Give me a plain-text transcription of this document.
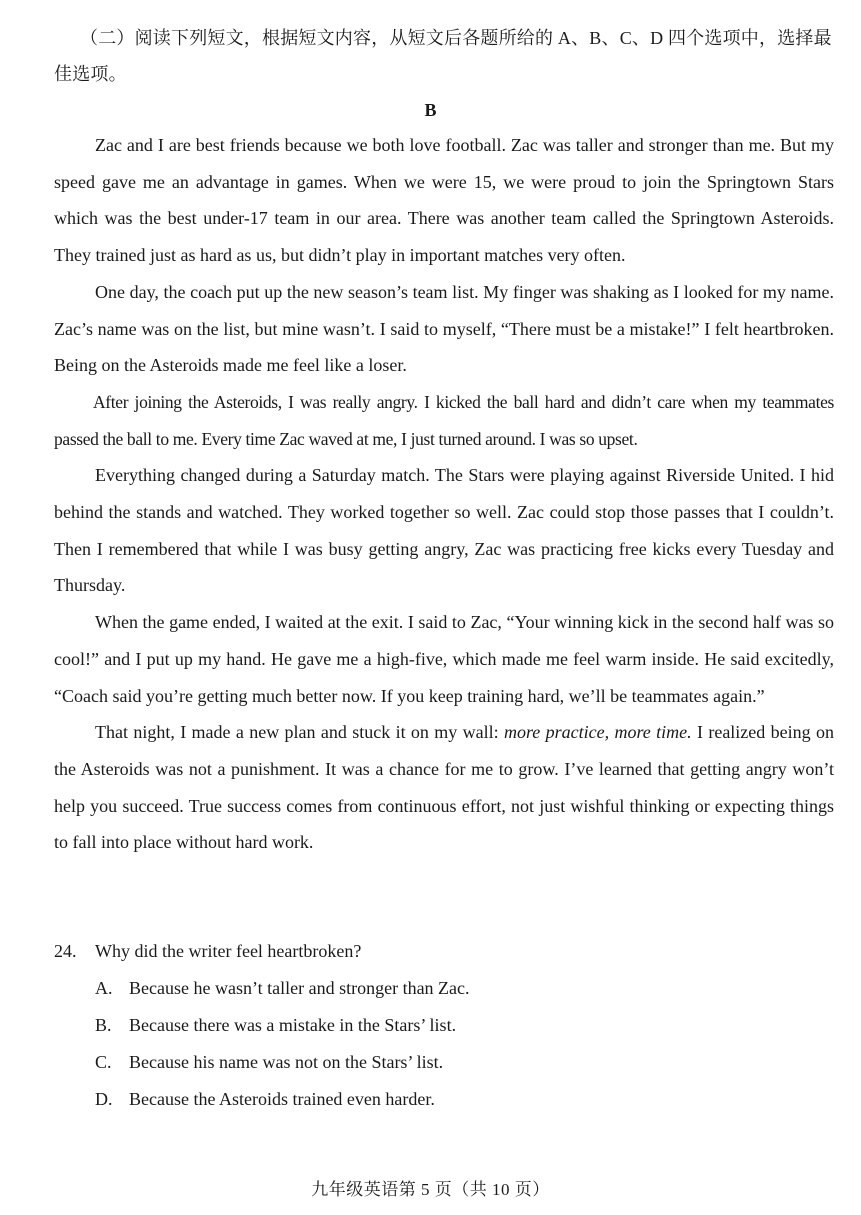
（二）阅读下列短文，根据短文内容，从短文后各题所给的 A、B、C、D 四个选项中，选择最佳选项。
B

Zac and I are best friends because we both love football. Zac was taller and stronger than me. But my speed gave me an advantage in games. When we were 15, we were proud to join the Springtown Stars which was the best under-17 team in our area. There was another team called the Springtown Asteroids. They trained just as hard as us, but didn’t play in important matches very often.

One day, the coach put up the new season’s team list. My finger was shaking as I looked for my name. Zac’s name was on the list, but mine wasn’t. I said to myself, “There must be a mistake!” I felt heartbroken. Being on the Asteroids made me feel like a loser.

After joining the Asteroids, I was really angry. I kicked the ball hard and didn’t care when my teammates passed the ball to me. Every time Zac waved at me, I just turned around. I was so upset.

Everything changed during a Saturday match. The Stars were playing against Riverside United. I hid behind the stands and watched. They worked together so well. Zac could stop those passes that I couldn’t. Then I remembered that while I was busy getting angry, Zac was practicing free kicks every Tuesday and Thursday.

When the game ended, I waited at the exit. I said to Zac, “Your winning kick in the second half was so cool!” and I put up my hand. He gave me a high-five, which made me feel warm inside. He said excitedly, “Coach said you’re getting much better now. If you keep training hard, we’ll be teammates again.”

That night, I made a new plan and stuck it on my wall: more practice, more time. I realized being on the Asteroids was not a punishment. It was a chance for me to grow. I’ve learned that getting angry won’t help you succeed. True success comes from continuous effort, not just wishful thinking or expecting things to fall into place without hard work.

24.	Why did the writer feel heartbroken?
A. Because he wasn’t taller and stronger than Zac.
B. Because there was a mistake in the Stars’ list.
C. Because his name was not on the Stars’ list.
D. Because the Asteroids trained even harder.
九年级英语第 5 页（共 10 页）
